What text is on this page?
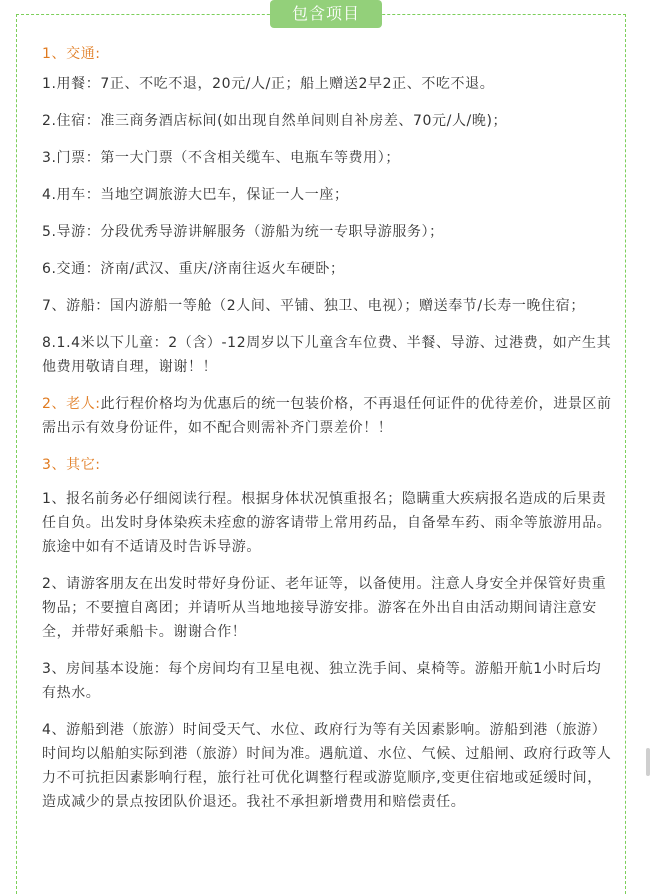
包含项目

1、交通:

1.用餐：7正、不吃不退，20元/人/正；船上赠送2早2正、不吃不退。

2.住宿：准三商务酒店标间(如出现自然单间则自补房差、70元/人/晚)；

3.门票：第一大门票（不含相关缆车、电瓶车等费用）；

4.用车：当地空调旅游大巴车，保证一人一座；

5.导游：分段优秀导游讲解服务（游船为统一专职导游服务）；

6.交通：济南/武汉、重庆/济南往返火车硬卧；

7、游船：国内游船一等舱（2人间、平铺、独卫、电视）；赠送奉节/长寿一晚住宿；

8.1.4米以下儿童：2（含）-12周岁以下儿童含车位费、半餐、导游、过港费，如产生其他费用敬请自理，谢谢！！

2、老人:此行程价格均为优惠后的统一包装价格，不再退任何证件的优待差价，进景区前需出示有效身份证件，如不配合则需补齐门票差价！！

3、其它:

1、报名前务必仔细阅读行程。根据身体状况慎重报名；隐瞒重大疾病报名造成的后果责任自负。出发时身体染疾未痊愈的游客请带上常用药品，自备晕车药、雨伞等旅游用品。旅途中如有不适请及时告诉导游。

2、请游客朋友在出发时带好身份证、老年证等，以备使用。注意人身安全并保管好贵重物品；不要擅自离团；并请听从当地地接导游安排。游客在外出自由活动期间请注意安全，并带好乘船卡。谢谢合作！

3、房间基本设施：每个房间均有卫星电视、独立洗手间、桌椅等。游船开航1小时后均有热水。

4、游船到港（旅游）时间受天气、水位、政府行为等有关因素影响。游船到港（旅游）时间均以船舶实际到港（旅游）时间为准。遇航道、水位、气候、过船闸、政府行政等人力不可抗拒因素影响行程，旅行社可优化调整行程或游览顺序,变更住宿地或延缓时间，造成减少的景点按团队价退还。我社不承担新增费用和赔偿责任。
